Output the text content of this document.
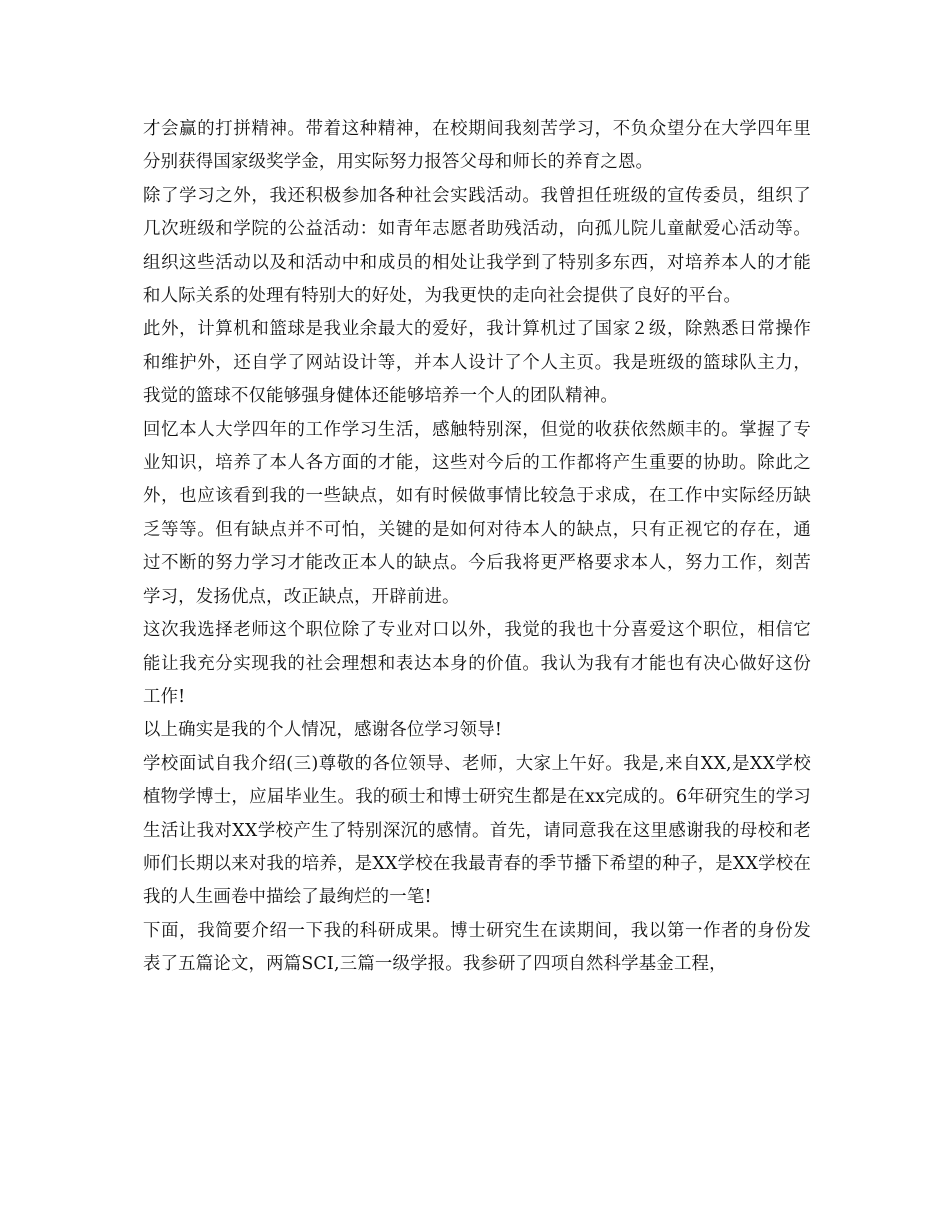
才会赢的打拼精神。带着这种精神，在校期间我刻苦学习，不负众望分在大学四年里分别获得国家级奖学金，用实际努力报答父母和师长的养育之恩。

除了学习之外，我还积极参加各种社会实践活动。我曾担任班级的宣传委员，组织了几次班级和学院的公益活动：如青年志愿者助残活动，向孤儿院儿童献爱心活动等。组织这些活动以及和活动中和成员的相处让我学到了特别多东西，对培养本人的才能和人际关系的处理有特别大的好处，为我更快的走向社会提供了良好的平台。

此外，计算机和篮球是我业余最大的爱好，我计算机过了国家２级，除熟悉日常操作和维护外，还自学了网站设计等，并本人设计了个人主页。我是班级的篮球队主力，我觉的篮球不仅能够强身健体还能够培养一个人的团队精神。

回忆本人大学四年的工作学习生活，感触特别深，但觉的收获依然颇丰的。掌握了专业知识，培养了本人各方面的才能，这些对今后的工作都将产生重要的协助。除此之外，也应该看到我的一些缺点，如有时候做事情比较急于求成，在工作中实际经历缺乏等等。但有缺点并不可怕，关键的是如何对待本人的缺点，只有正视它的存在，通过不断的努力学习才能改正本人的缺点。今后我将更严格要求本人，努力工作，刻苦学习，发扬优点，改正缺点，开辟前进。

这次我选择老师这个职位除了专业对口以外，我觉的我也十分喜爱这个职位，相信它能让我充分实现我的社会理想和表达本身的价值。我认为我有才能也有决心做好这份工作!

以上确实是我的个人情况，感谢各位学习领导!

学校面试自我介绍(三)尊敬的各位领导、老师，大家上午好。我是,来自XX,是XX学校植物学博士，应届毕业生。我的硕士和博士研究生都是在xx完成的。6年研究生的学习生活让我对XX学校产生了特别深沉的感情。首先，请同意我在这里感谢我的母校和老师们长期以来对我的培养，是XX学校在我最青春的季节播下希望的种子，是XX学校在我的人生画卷中描绘了最绚烂的一笔!

下面，我简要介绍一下我的科研成果。博士研究生在读期间，我以第一作者的身份发表了五篇论文，两篇SCI,三篇一级学报。我参研了四项自然科学基金工程，
